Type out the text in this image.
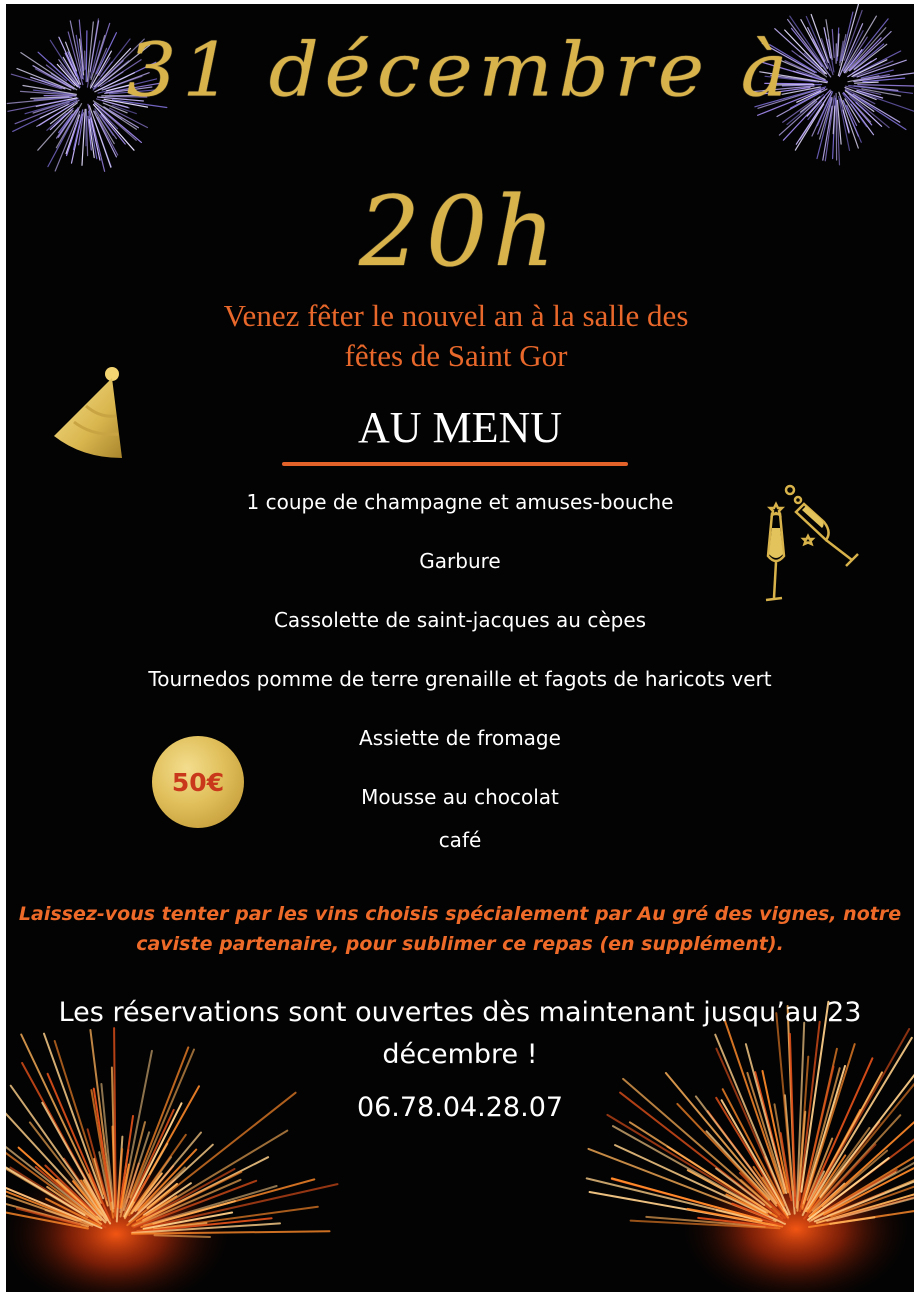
31 décembre à
20h
Venez fêter le nouvel an à la salle des
fêtes de Saint Gor
AU MENU
1 coupe de champagne et amuses-bouche
Garbure
Cassolette de saint-jacques au cèpes
Tournedos pomme de terre grenaille et fagots de haricots vert
Assiette de fromage
Mousse au chocolat
café
50€
Laissez-vous tenter par les vins choisis spécialement par Au gré des vignes, notre
caviste partenaire, pour sublimer ce repas (en supplément).
Les réservations sont ouvertes dès maintenant jusqu’au 23
décembre !
06.78.04.28.07
